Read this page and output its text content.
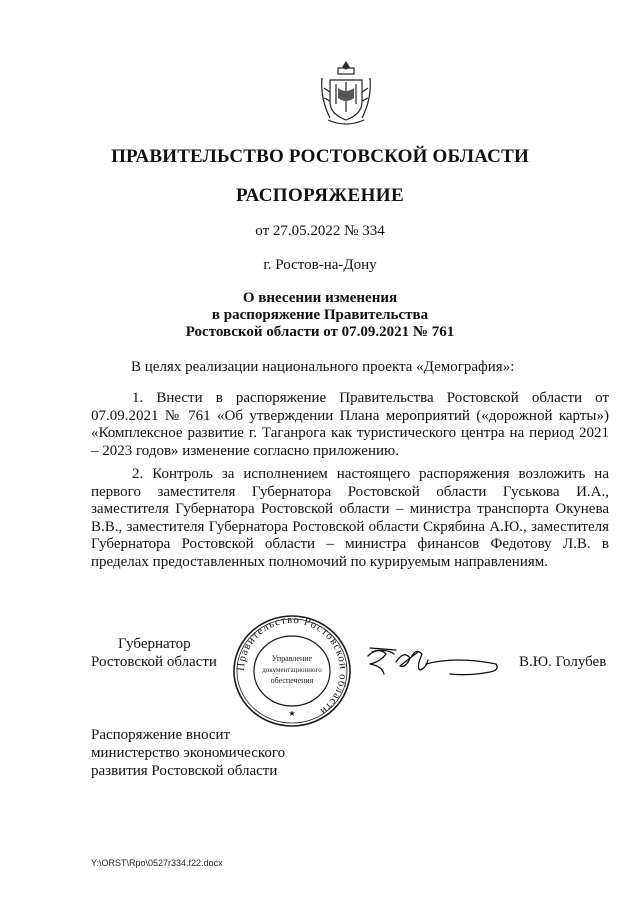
ПРАВИТЕЛЬСТВО РОСТОВСКОЙ ОБЛАСТИ
РАСПОРЯЖЕНИЕ
от 27.05.2022 № 334
г. Ростов-на-Дону
О внесении изменения
в распоряжение Правительства
Ростовской области от 07.09.2021 № 761
В целях реализации национального проекта «Демография»:

1. Внести в распоряжение Правительства Ростовской области от 07.09.2021 № 761 «Об утверждении Плана мероприятий («дорожной карты») «Комплексное развитие г. Таганрога как туристического центра на период 2021 – 2023 годов» изменение согласно приложению.

2. Контроль за исполнением настоящего распоряжения возложить на первого заместителя Губернатора Ростовской области Гуськова И.А., заместителя Губернатора Ростовской области – министра транспорта Окунева В.В., заместителя Губернатора Ростовской области Скрябина А.Ю., заместителя Губернатора Ростовской области – министра финансов Федотову Л.В. в пределах предоставленных полномочий по курируемым направлениям.

Губернатор
Ростовской области Правительство Ростовской области
Управление
документационного
обеспечения
★
В.Ю. Голубев
Распоряжение вносит
министерство экономического
развития Ростовской области
Y:\ORST\Rpo\0527r334.f22.docx
